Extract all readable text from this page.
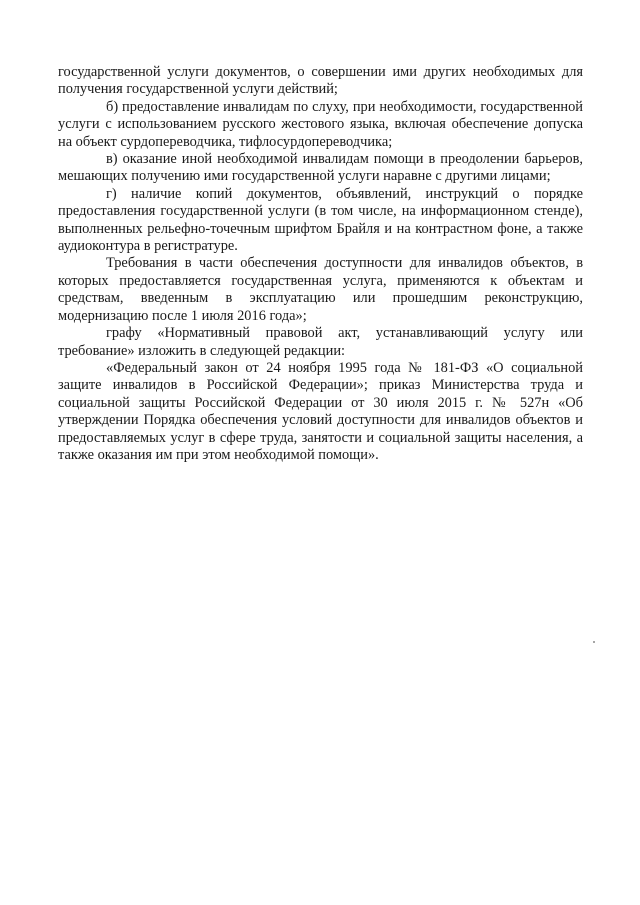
государственной услуги документов, о совершении ими других необходимых для получения государственной услуги действий;

б) предоставление инвалидам по слуху, при необходимости, государственной услуги с использованием русского жестового языка, включая обеспечение допуска на объект сурдопереводчика, тифлосурдопереводчика;

в) оказание иной необходимой инвалидам помощи в преодолении барьеров, мешающих получению ими государственной услуги наравне с другими лицами;

г) наличие копий документов, объявлений, инструкций о порядке предоставления государственной услуги (в том числе, на информационном стенде), выполненных рельефно-точечным шрифтом Брайля и на контрастном фоне, а также аудиоконтура в регистратуре.

Требования в части обеспечения доступности для инвалидов объектов, в которых предоставляется государственная услуга, применяются к объектам и средствам, введенным в эксплуатацию или прошедшим реконструкцию, модернизацию после 1 июля 2016 года»;

графу «Нормативный правовой акт, устанавливающий услугу или требование» изложить в следующей редакции:

«Федеральный закон от 24 ноября 1995 года № 181-ФЗ «О социальной защите инвалидов в Российской Федерации»; приказ Министерства труда и социальной защиты Российской Федерации от 30 июля 2015 г. № 527н «Об утверждении Порядка обеспечения условий доступности для инвалидов объектов и предоставляемых услуг в сфере труда, занятости и социальной защиты населения, а также оказания им при этом необходимой помощи».
